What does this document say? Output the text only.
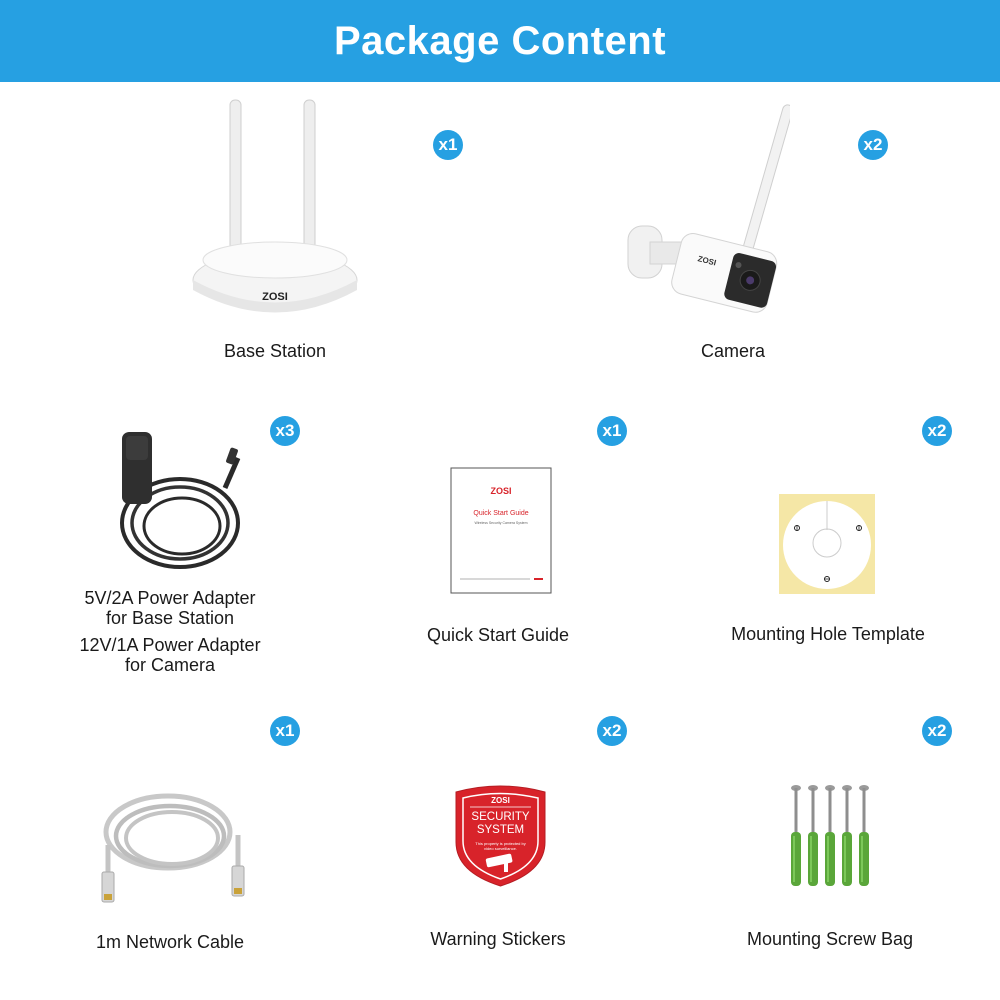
Package Content
ZOSI
x1
Base Station
ZOSI
x2
Camera
x3
5V/2A Power Adapter
for Base Station
12V/1A Power Adapter
for Camera
ZOSI
Quick Start Guide
Wireless Security Camera System
x1
Quick Start Guide
x2
Mounting Hole Template
x1
1m Network Cable
ZOSI
SECURITY
SYSTEM
This property is protected by
video surveillance.
x2
Warning Stickers
x2
Mounting Screw Bag
